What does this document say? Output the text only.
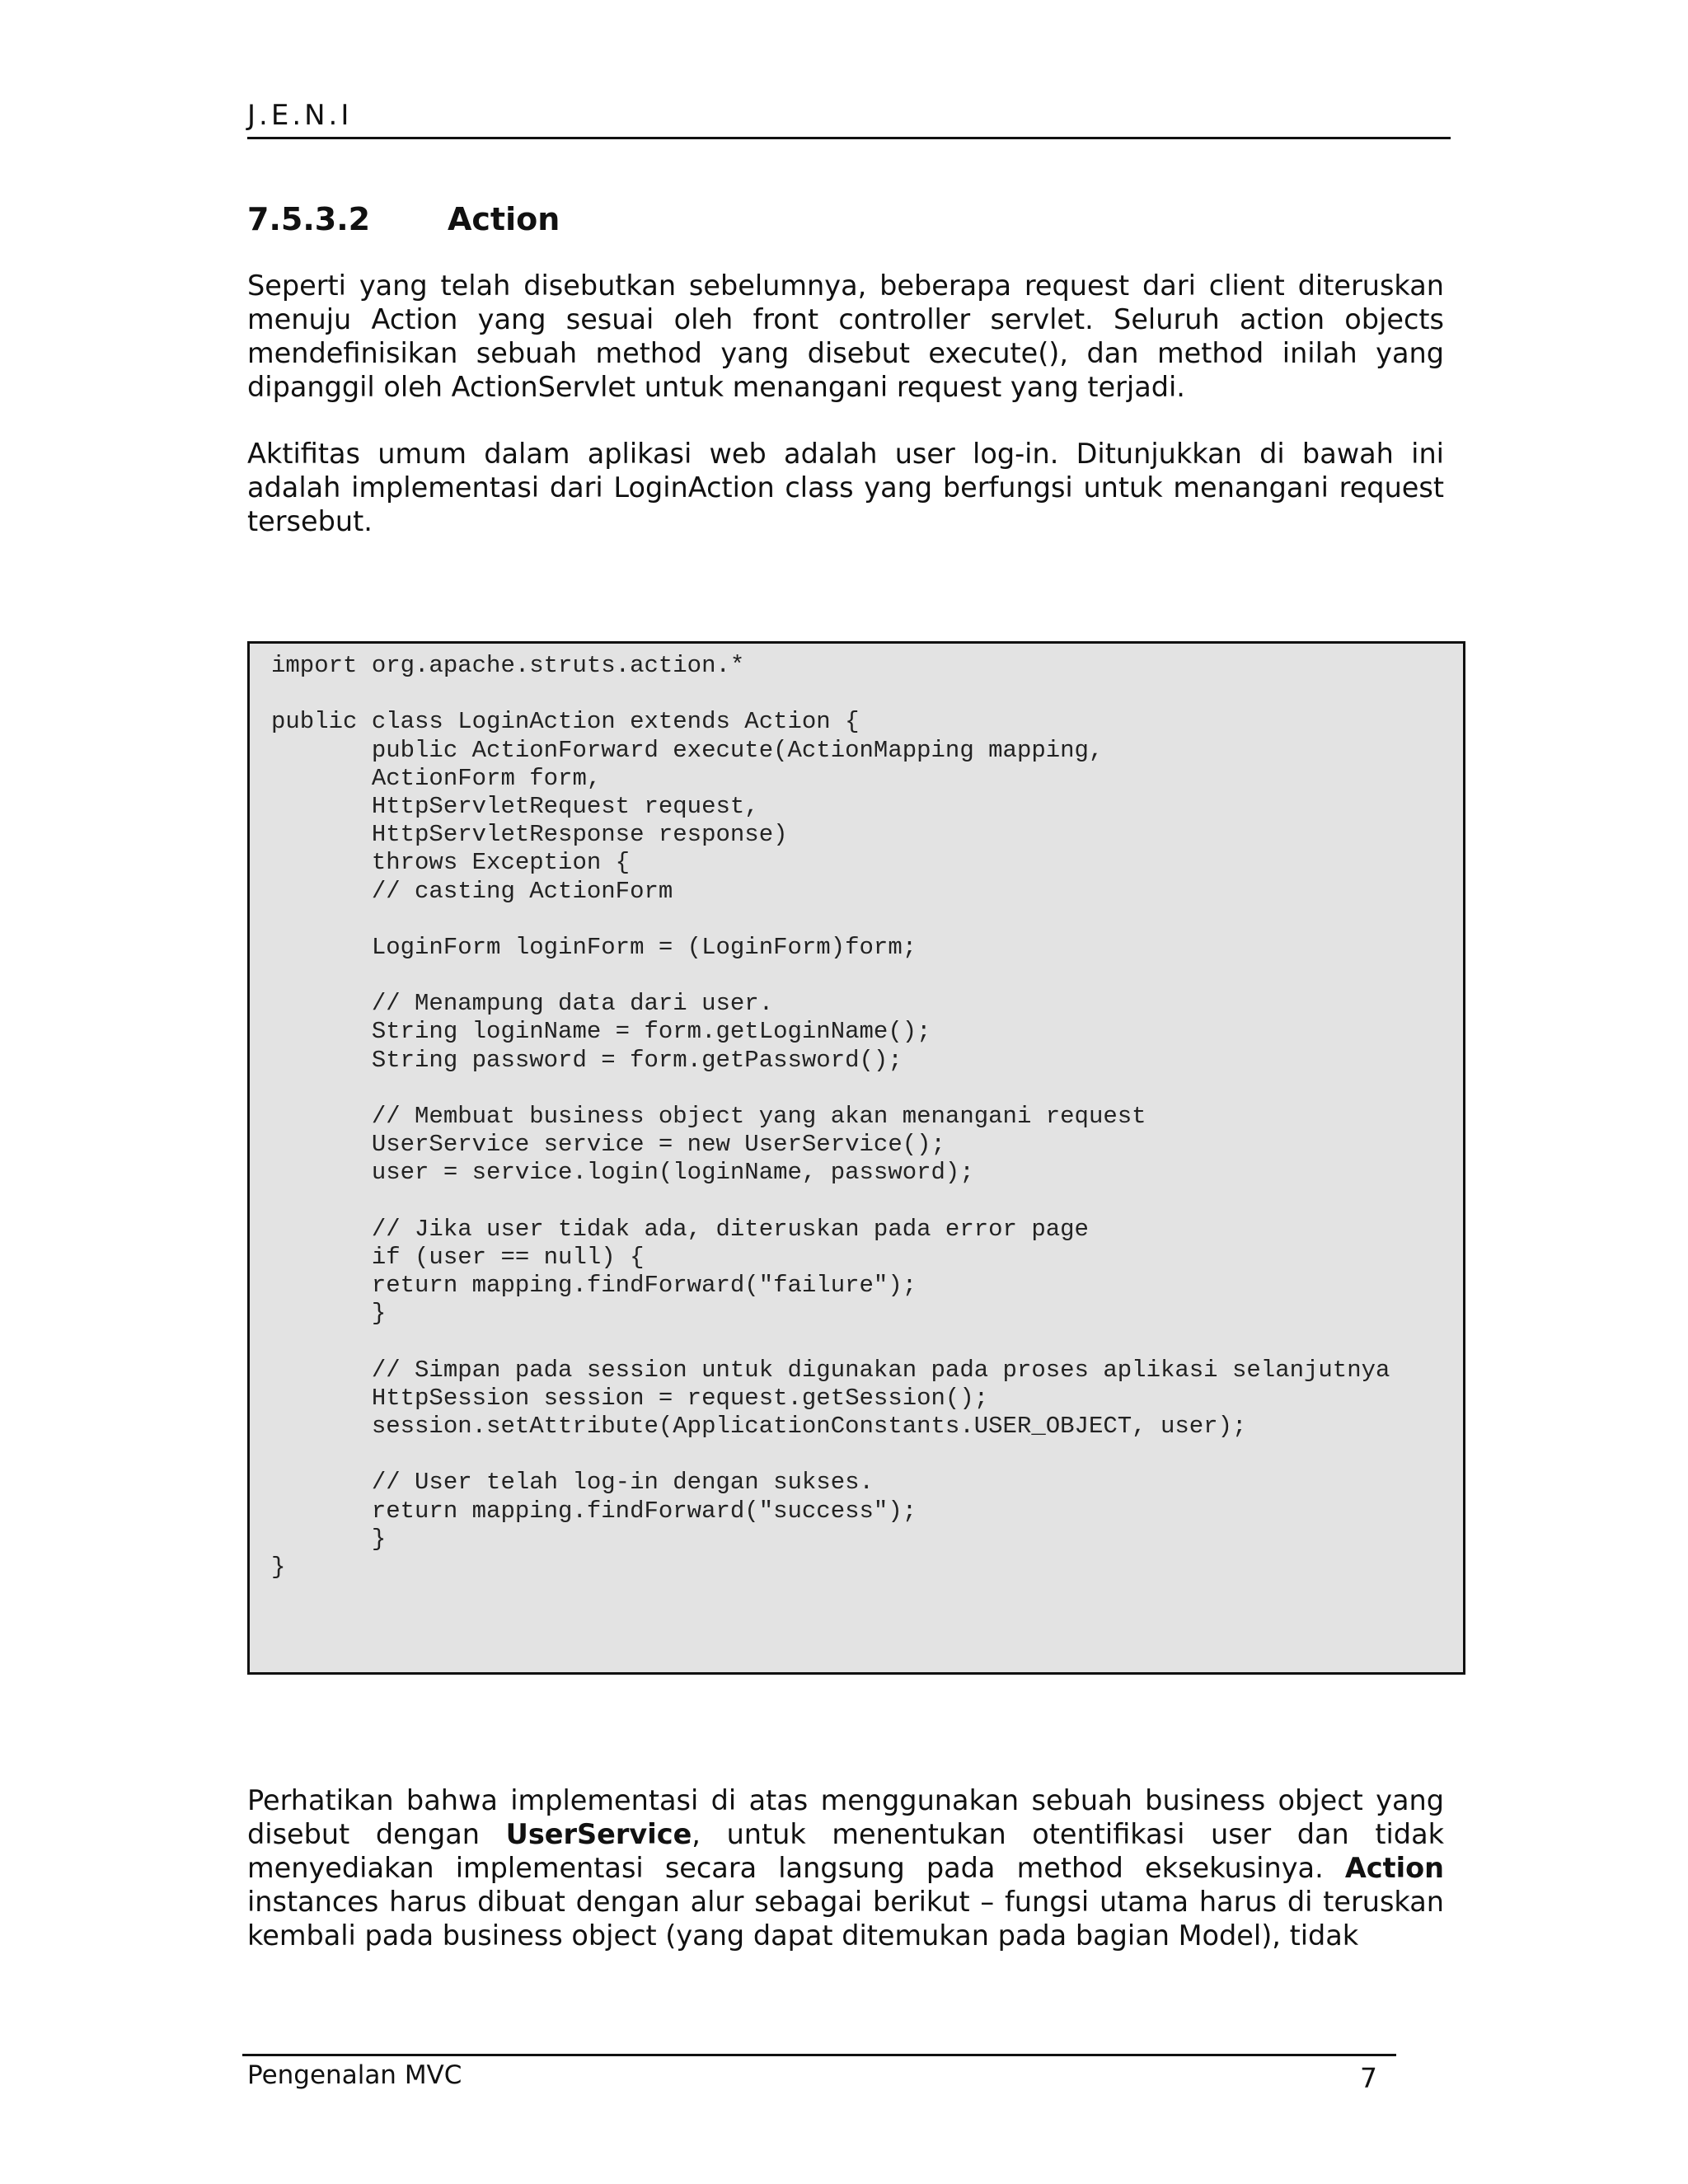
J.E.N.I
7.5.3.2 Action
Seperti yang telah disebutkan sebelumnya, beberapa request dari client diteruskan menuju Action yang sesuai oleh front controller servlet. Seluruh action objects mendefinisikan sebuah method yang disebut execute(), dan method inilah yang dipanggil oleh ActionServlet untuk menangani request yang terjadi.
Aktifitas umum dalam aplikasi web adalah user log-in. Ditunjukkan di bawah ini adalah implementasi dari LoginAction class yang berfungsi untuk menangani request tersebut.
import org.apache.struts.action.*
public class LoginAction extends Action {
public ActionForward execute(ActionMapping mapping,
ActionForm form,
HttpServletRequest request,
HttpServletResponse response)
throws Exception {
// casting ActionForm
LoginForm loginForm = (LoginForm)form;
// Menampung data dari user.
String loginName = form.getLoginName();
String password = form.getPassword();
// Membuat business object yang akan menangani request
UserService service = new UserService();
user = service.login(loginName, password);
// Jika user tidak ada, diteruskan pada error page
if (user == null) {
return mapping.findForward("failure");
}
// Simpan pada session untuk digunakan pada proses aplikasi selanjutnya
HttpSession session = request.getSession();
session.setAttribute(ApplicationConstants.USER_OBJECT, user);
// User telah log-in dengan sukses.
return mapping.findForward("success");
}
}
Perhatikan bahwa implementasi di atas menggunakan sebuah business object yang disebut dengan UserService, untuk menentukan otentifikasi user dan tidak menyediakan implementasi secara langsung pada method eksekusinya. Action instances harus dibuat dengan alur sebagai berikut – fungsi utama harus di teruskan kembali pada business object (yang dapat ditemukan pada bagian Model), tidak
Pengenalan MVC	7
